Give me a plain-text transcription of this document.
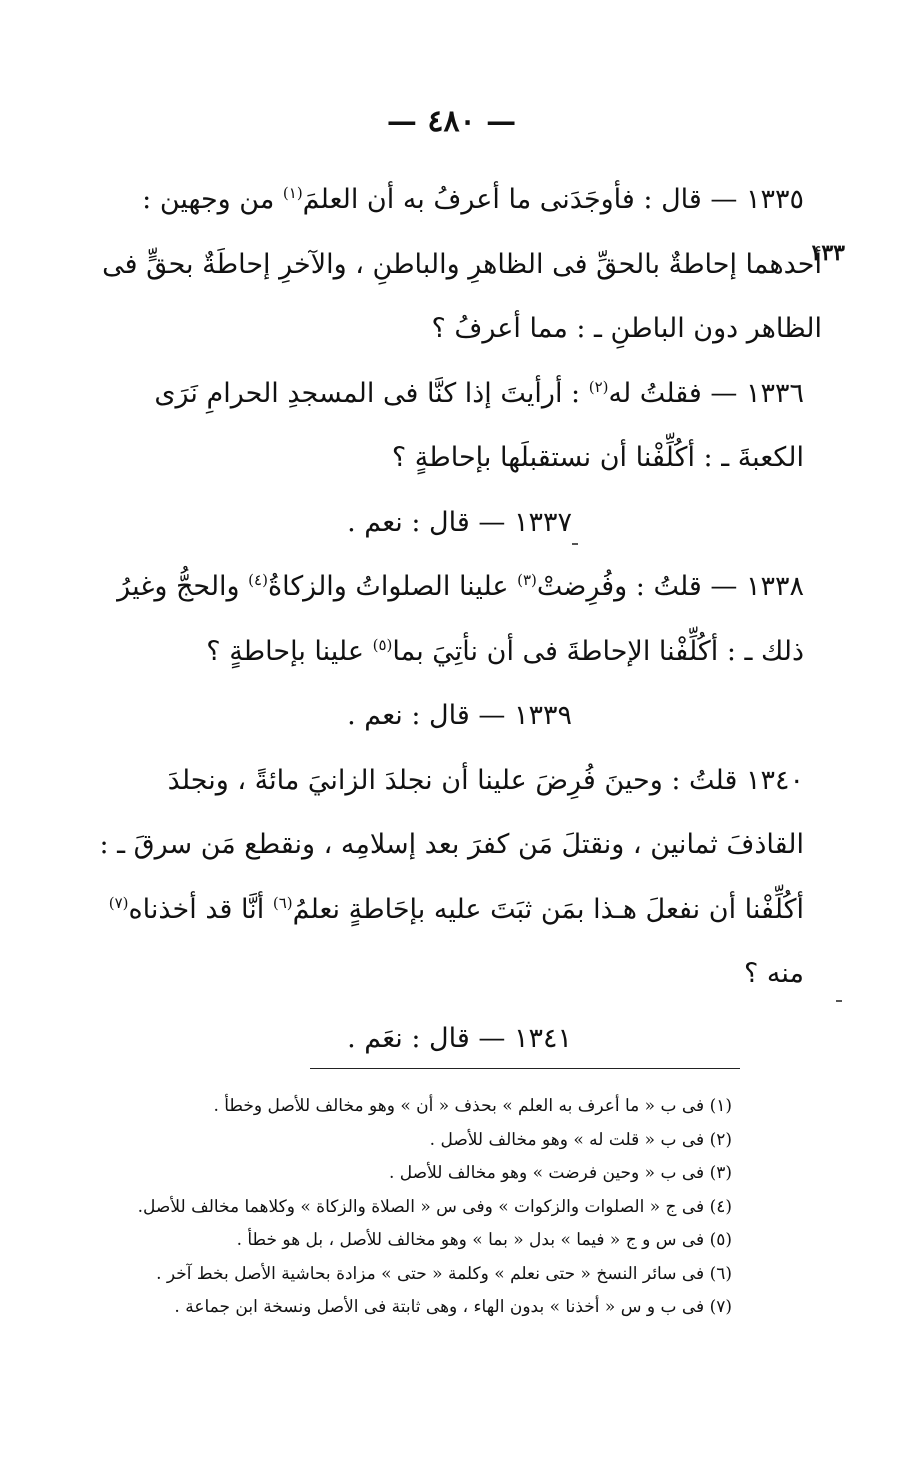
— ٤٨٠ —
١٣٣

١٣٣٥ — قال : فأوجَدَنى ما أعرفُ به أن العلمَ$^{(١)}$ من وجهين :

أحدهما إحاطةٌ بالحقِّ فى الظاهرِ والباطنِ ، والآخرِ إحاطَةٌ بحقٍّ فى الظاهر دون الباطنِ ـ : مما أعرفُ ؟

١٣٣٦ — فقلتُ له$^{(٢)}$ : أرأيتَ إذا كنَّا فى المسجدِ الحرامِ نَرَى الكعبةَ ـ : أكُلِّفْنا أن نستقبلَها بإحاطةٍ ؟

١٣٣٧ — قال : نعم .

١٣٣٨ — قلتُ : وفُرِضتْ$^{(٣)}$ علينا الصلواتُ والزكاةُ$^{(٤)}$ والحجُّ وغيرُ ذلك ـ : أكُلِّفْنا الإحاطةَ فى أن نأتِيَ بما$^{(٥)}$ علينا بإحاطةٍ ؟

١٣٣٩ — قال : نعم .

١٣٤٠ قلتُ : وحينَ فُرِضَ علينا أن نجلدَ الزانيَ مائةً ، ونجلدَ القاذفَ ثمانين ، ونقتلَ مَن كفرَ بعد إسلامِه ، ونقطع مَن سرقَ ـ : أكُلِّفْنا أن نفعلَ هـذا بمَن ثبَتَ عليه بإحَاطةٍ نعلمُ$^{(٦)}$ أنَّا قد أخذناه$^{(٧)}$ منه ؟

١٣٤١ — قال : نعَم .

(١) فى ب « ما أعرف به العلم » بحذف « أن » وهو مخالف للأصل وخطأ .

(٢) فى ب « قلت له » وهو مخالف للأصل .

(٣) فى ب « وحين فرضت » وهو مخالف للأصل .

(٤) فى ج « الصلوات والزكوات » وفى س « الصلاة والزكاة » وكلاهما مخالف للأصل.

(٥) فى س و ج « فيما » بدل « بما » وهو مخالف للأصل ، بل هو خطأ .

(٦) فى سائر النسخ « حتى نعلم » وكلمة « حتى » مزادة بحاشية الأصل بخط آخر .

(٧) فى ب و س « أخذنا » بدون الهاء ، وهى ثابتة فى الأصل ونسخة ابن جماعة .
